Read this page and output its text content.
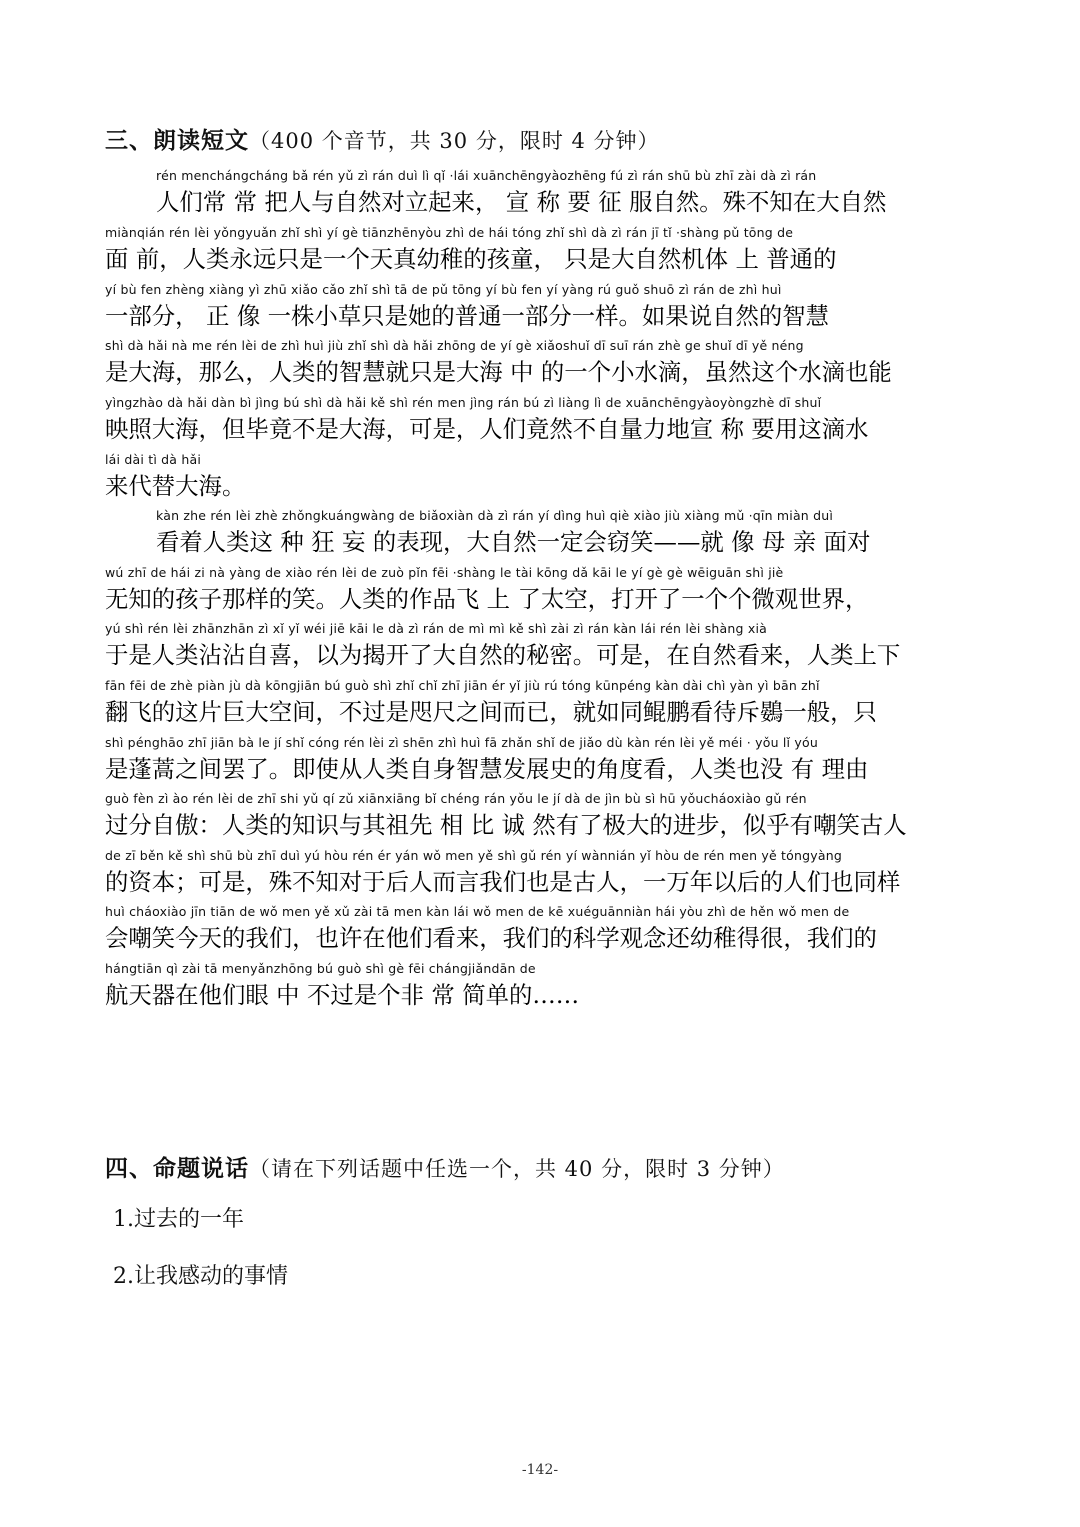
三、朗读短文（400 个音节，共 30 分，限时 4 分钟）
rén menchángcháng bǎ rén yǔ zì rán duì lì qǐ ·lái xuānchēngyàozhēng fú zì rán shū bù zhī zài dà zì rán
人们常 常 把人与自然对立起来， 宣 称 要 征 服自然。殊不知在大自然
miànqián rén lèi yǒngyuǎn zhǐ shì yí gè tiānzhēnyòu zhì de hái tóng zhǐ shì dà zì rán jī tǐ ·shàng pǔ tōng de
面 前，人类永远只是一个天真幼稚的孩童， 只是大自然机体 上 普通的
yí bù fen zhèng xiàng yì zhū xiǎo cǎo zhǐ shì tā de pǔ tōng yí bù fen yí yàng rú guǒ shuō zì rán de zhì huì
一部分， 正 像 一株小草只是她的普通一部分一样。如果说自然的智慧
shì dà hǎi nà me rén lèi de zhì huì jiù zhǐ shì dà hǎi zhōng de yí gè xiǎoshuǐ dī suī rán zhè ge shuǐ dī yě néng
是大海，那么，人类的智慧就只是大海 中 的一个小水滴，虽然这个水滴也能
yìngzhào dà hǎi dàn bì jìng bú shì dà hǎi kě shì rén men jìng rán bú zì liàng lì de xuānchēngyàoyòngzhè dī shuǐ
映照大海，但毕竟不是大海，可是，人们竟然不自量力地宣 称 要用这滴水
lái dài tì dà hǎi
来代替大海。
kàn zhe rén lèi zhè zhǒngkuángwàng de biǎoxiàn dà zì rán yí dìng huì qiè xiào jiù xiàng mǔ ·qīn miàn duì
看着人类这 种 狂 妄 的表现，大自然一定会窃笑——就 像 母 亲 面对
wú zhī de hái zi nà yàng de xiào rén lèi de zuò pǐn fēi ·shàng le tài kōng dǎ kāi le yí gè gè wēiguān shì jiè
无知的孩子那样的笑。人类的作品飞 上 了太空，打开了一个个微观世界，
yú shì rén lèi zhānzhān zì xǐ yǐ wéi jiē kāi le dà zì rán de mì mì kě shì zài zì rán kàn lái rén lèi shàng xià
于是人类沾沾自喜，以为揭开了大自然的秘密。可是，在自然看来，人类上下
fān fēi de zhè piàn jù dà kōngjiān bú guò shì zhǐ chǐ zhī jiān ér yǐ jiù rú tóng kūnpéng kàn dài chì yàn yì bān zhǐ
翻飞的这片巨大空间，不过是咫尺之间而已，就如同鲲鹏看待斥鷃一般，只
shì pénghāo zhī jiān bà le jí shǐ cóng rén lèi zì shēn zhì huì fā zhǎn shǐ de jiǎo dù kàn rén lèi yě méi · yǒu lǐ yóu
是蓬蒿之间罢了。即使从人类自身智慧发展史的角度看，人类也没 有 理由
guò fèn zì ào rén lèi de zhī shi yǔ qí zǔ xiānxiāng bǐ chéng rán yǒu le jí dà de jìn bù sì hū yǒucháoxiào gǔ rén
过分自傲：人类的知识与其祖先 相 比 诚 然有了极大的进步，似乎有嘲笑古人
de zī běn kě shì shū bù zhī duì yú hòu rén ér yán wǒ men yě shì gǔ rén yí wànnián yǐ hòu de rén men yě tóngyàng
的资本；可是，殊不知对于后人而言我们也是古人，一万年以后的人们也同样
huì cháoxiào jīn tiān de wǒ men yě xǔ zài tā men kàn lái wǒ men de kē xuéguānniàn hái yòu zhì de hěn wǒ men de
会嘲笑今天的我们，也许在他们看来，我们的科学观念还幼稚得很，我们的
hángtiān qì zài tā menyǎnzhōng bú guò shì gè fēi chángjiǎndān de
航天器在他们眼 中 不过是个非 常 简单的……
四、命题说话（请在下列话题中任选一个，共 40 分，限时 3 分钟）
1.过去的一年
2.让我感动的事情
-142-
